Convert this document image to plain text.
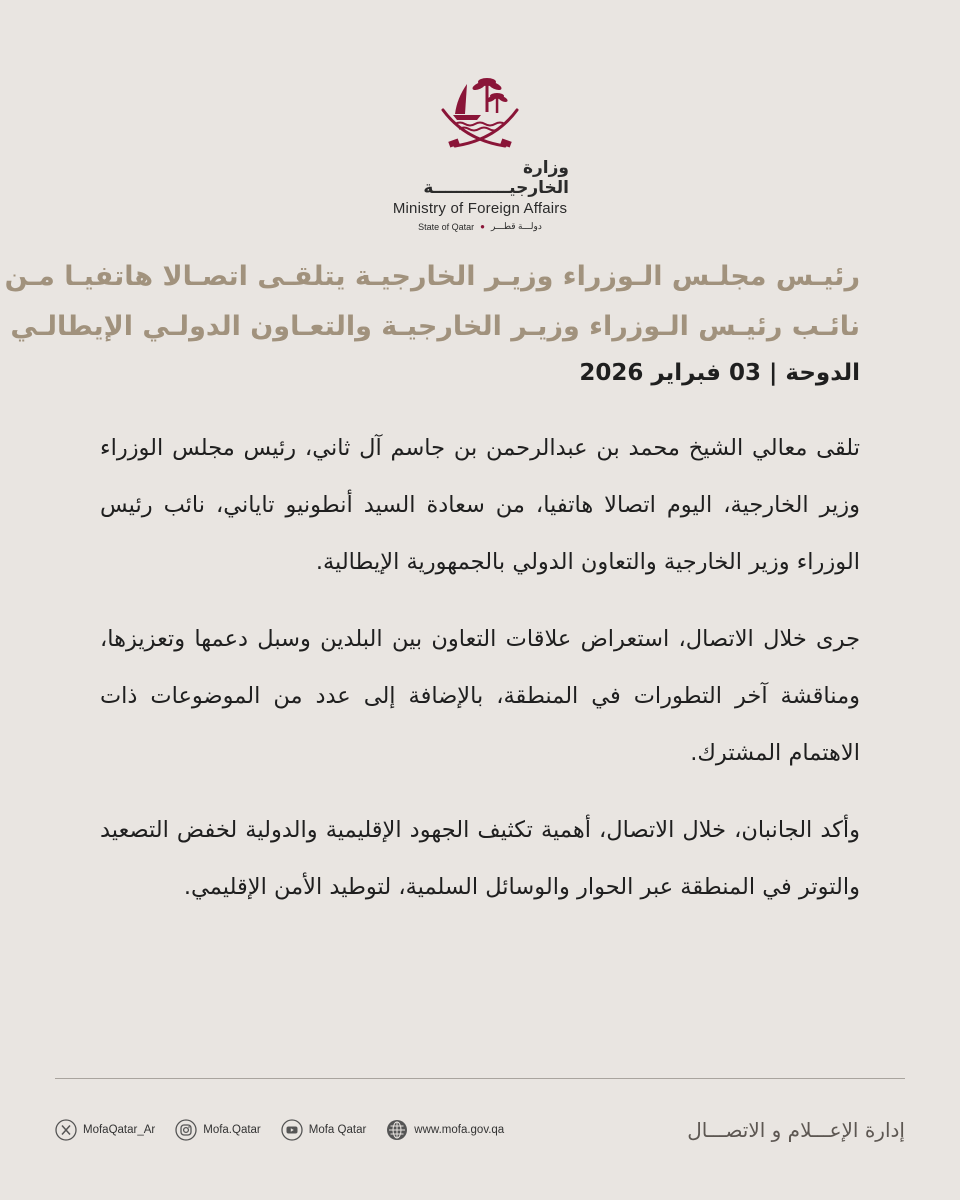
وزارة الخارجيـــــــــــــة
Ministry of Foreign Affairs
State of Qatar ● دولـــة قطـــر
رئيـس مجلـس الـوزراء وزيـر الخارجيـة يتلقـى اتصـالا هاتفيـا مـن
نائـب رئيـس الـوزراء وزيـر الخارجيـة والتعـاون الدولـي الإيطالـي
الدوحة | 03 فبراير 2026

تلقى معالي الشيخ محمد بن عبدالرحمن بن جاسم آل ثاني، رئيس مجلس الوزراء وزير الخارجية، اليوم اتصالا هاتفيا، من سعادة السيد أنطونيو تاياني، نائب رئيس الوزراء وزير الخارجية والتعاون الدولي بالجمهورية الإيطالية.

جرى خلال الاتصال، استعراض علاقات التعاون بين البلدين وسبل دعمها وتعزيزها، ومناقشة آخر التطورات في المنطقة، بالإضافة إلى عدد من الموضوعات ذات الاهتمام المشترك.

وأكد الجانبان، خلال الاتصال، أهمية تكثيف الجهود الإقليمية والدولية لخفض التصعيد والتوتر في المنطقة عبر الحوار والوسائل السلمية، لتوطيد الأمن الإقليمي.

MofaQatar_Ar	Mofa.Qatar	Mofa Qatar	www.mofa.gov.qa	إدارة الإعـــلام و الاتصـــال
